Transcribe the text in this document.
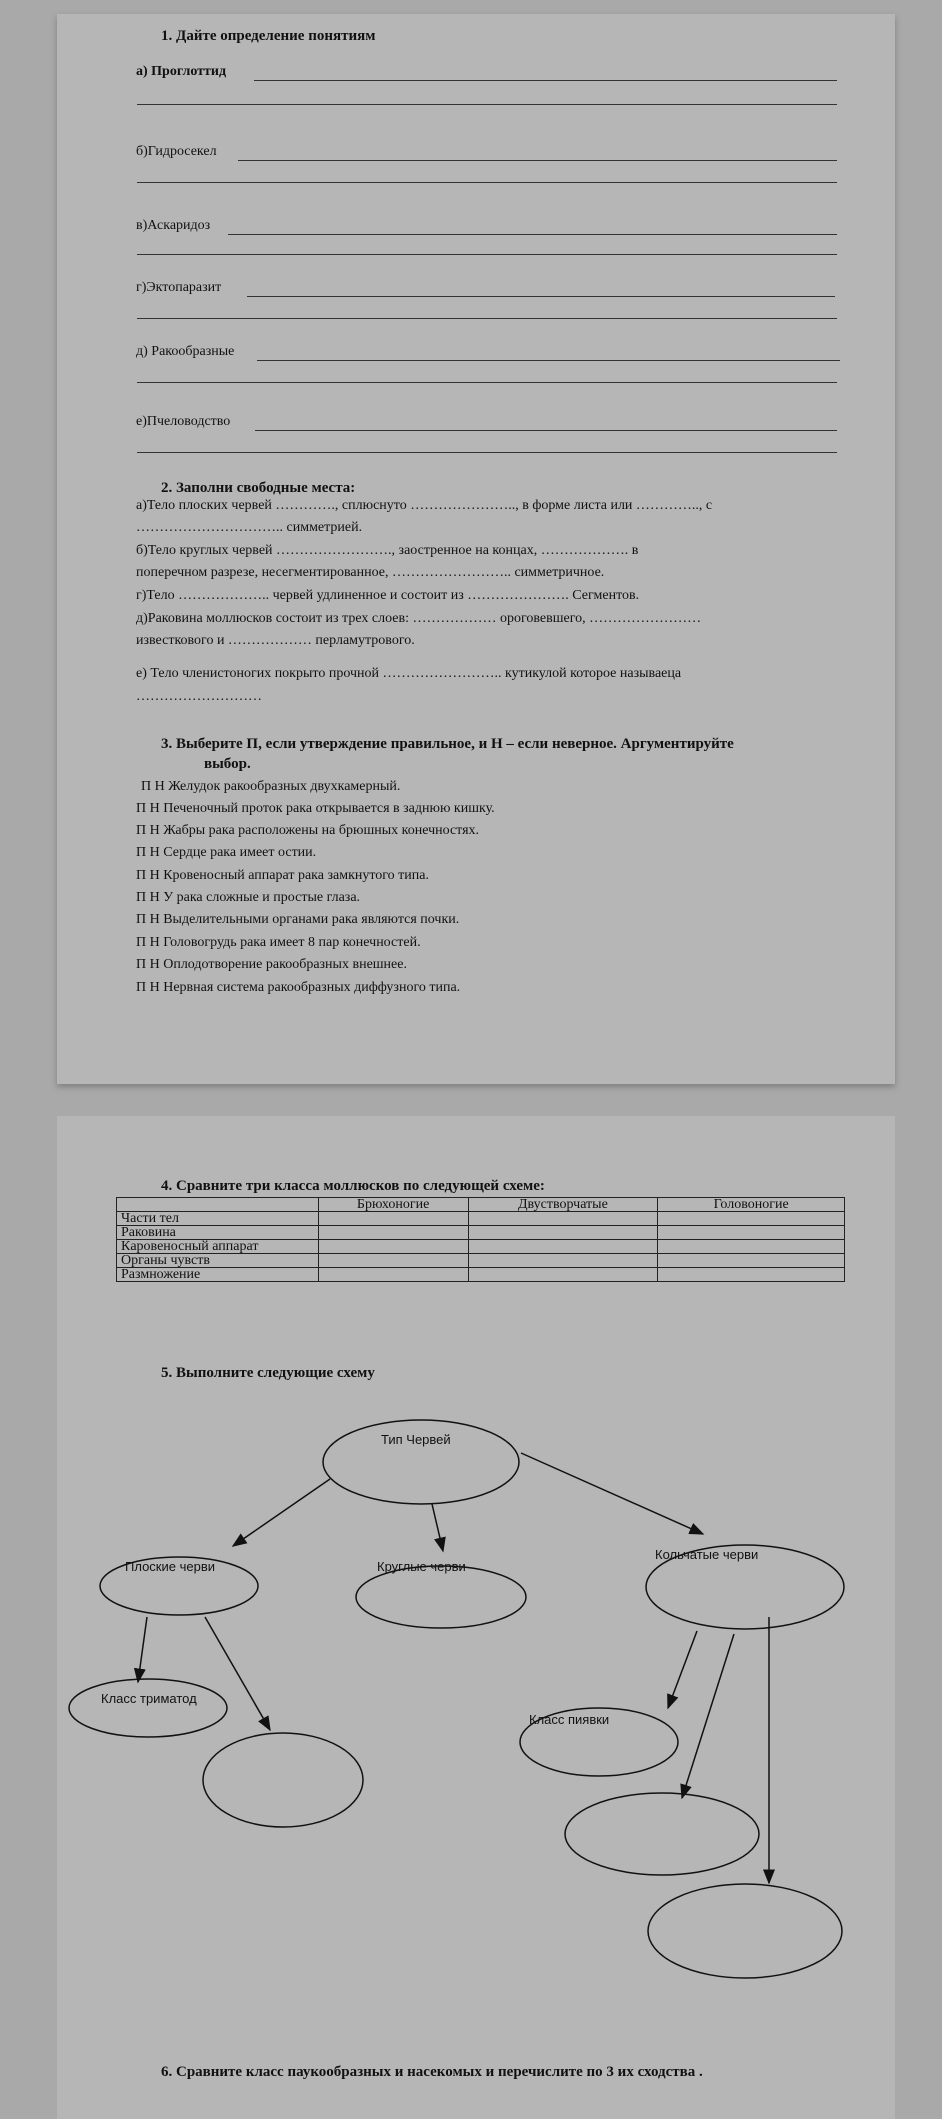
1. Дайте определение понятиям
а) Проглоттид
б)Гидросекел
в)Аскаридоз
г)Эктопаразит
д) Ракообразные
е)Пчеловодство
2. Заполни свободные места:
а)Тело плоских червей …………., сплюснуто ………………….., в форме листа или ………….., с
………………………….. симметрией.
б)Тело круглых червей ……………………., заостренное на концах, ………………. в
поперечном разрезе, несегментированное, …………………….. симметричное.
г)Тело ……………….. червей удлиненное и состоит из …………………. Сегментов.
д)Раковина моллюсков состоит из трех слоев: ……………… ороговевшего, ……………………
известкового и ……………… перламутрового.
е) Тело членистоногих покрыто прочной …………………….. кутикулой которое называеца
………………………
3. Выберите П, если утверждение правильное, и Н – если неверное. Аргументируйте
выбор.
П Н Желудок ракообразных двухкамерный.
П Н Печеночный проток рака открывается в заднюю кишку.
П Н Жабры рака расположены на брюшных конечностях.
П Н Сердце рака имеет остии.
П Н Кровеносный аппарат рака замкнутого типа.
П Н У рака сложные и простые глаза.
П Н Выделительными органами рака являются почки.
П Н Головогрудь рака имеет 8 пар конечностей.
П Н Оплодотворение ракообразных внешнее.
П Н Нервная система ракообразных диффузного типа.
4. Сравните три класса моллюсков по следующей схеме:
	Брюхоногие	Двустворчатые	Головоногие
Части тел			
Раковина			
Кaровеносный аппарат			
Органы чувств			
Размножение			
5. Выполните следующие схему
Тип Червей
Плоские черви	Круглые черви
Кольчатые черви
Класс триматод
Класс пиявки
6. Сравните класс паукообразных и насекомых и перечислите по 3 их сходства .
